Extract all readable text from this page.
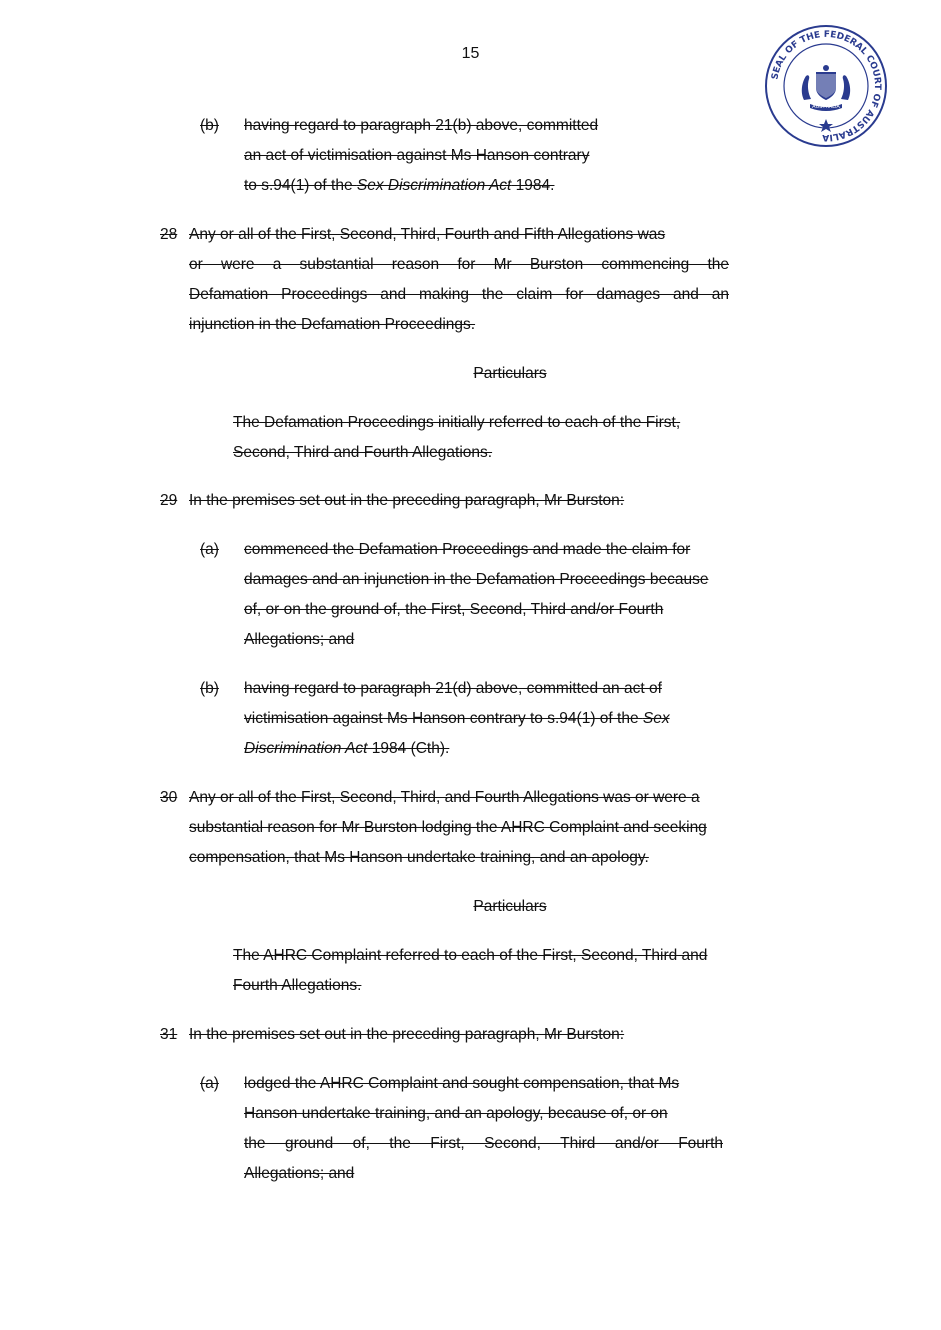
15
SEAL OF THE FEDERAL COURT OF AUSTRALIA
AUSTRALIA
(b) having regard to paragraph 21(b) above, committed
an act of victimisation against Ms Hanson contrary
to s.94(1) of the Sex Discrimination Act 1984.
28 Any or all of the First, Second, Third, Fourth and Fifth Allegations was
or were a substantial reason for Mr Burston commencing the
Defamation Proceedings and making the claim for damages and an
injunction in the Defamation Proceedings.
Particulars
The Defamation Proceedings initially referred to each of the First,
Second, Third and Fourth Allegations.
29 In the premises set out in the preceding paragraph, Mr Burston:
(a) commenced the Defamation Proceedings and made the claim for
damages and an injunction in the Defamation Proceedings because
of, or on the ground of, the First, Second, Third and/or Fourth
Allegations; and
(b) having regard to paragraph 21(d) above, committed an act of
victimisation against Ms Hanson contrary to s.94(1) of the Sex
Discrimination Act 1984 (Cth).
30 Any or all of the First, Second, Third, and Fourth Allegations was or were a
substantial reason for Mr Burston lodging the AHRC Complaint and seeking
compensation, that Ms Hanson undertake training, and an apology.
Particulars
The AHRC Complaint referred to each of the First, Second, Third and
Fourth Allegations.
31 In the premises set out in the preceding paragraph, Mr Burston:
(a) lodged the AHRC Complaint and sought compensation, that Ms
Hanson undertake training, and an apology, because of, or on
the ground of, the First, Second, Third and/or Fourth
Allegations; and
